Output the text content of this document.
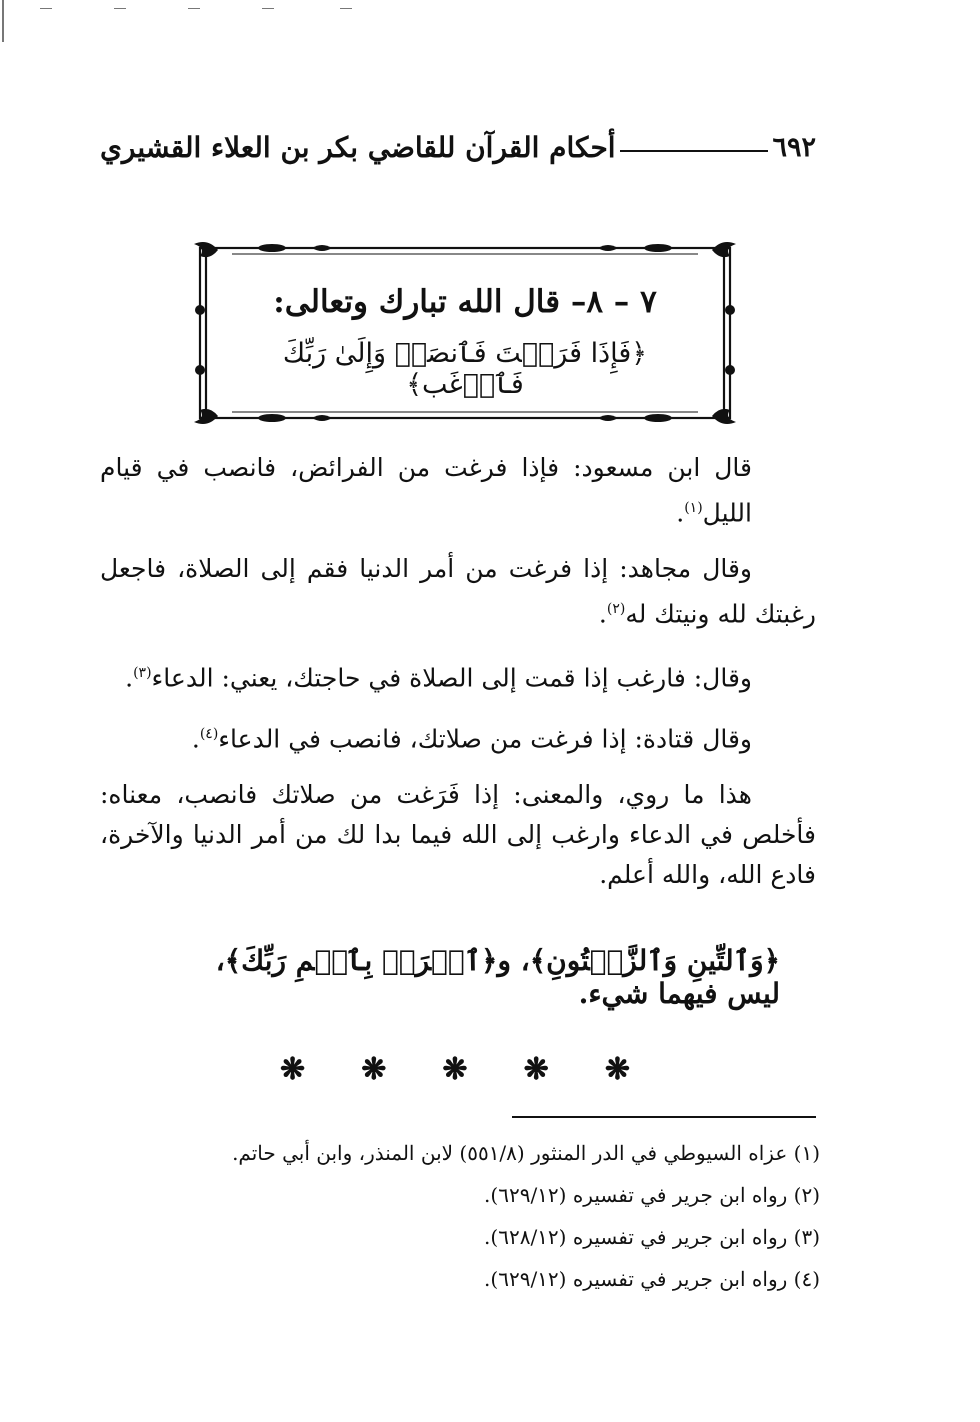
٦٩٢
أحكام القرآن للقاضي بكر بن العلاء القشيري
٧ – ٨– قال الله تبارك وتعالى:
﴿فَإِذَا فَرَغۡتَ فَٱنصَبۡ وَإِلَىٰ رَبِّكَ فَٱرۡغَب﴾

قال ابن مسعود: فإذا فرغت من الفرائض، فانصب في قيام الليل$^{(١)}$.

وقال مجاهد: إذا فرغت من أمر الدنيا فقم إلى الصلاة، فاجعل رغبتك لله ونيتك له$^{(٢)}$.

وقال: فارغب إذا قمت إلى الصلاة في حاجتك، يعني: الدعاء$^{(٣)}$.

وقال قتادة: إذا فرغت من صلاتك، فانصب في الدعاء$^{(٤)}$.

هذا ما روي، والمعنى: إذا فَرَغت من صلاتك فانصب، معناه: فأخلص في الدعاء وارغب إلى الله فيما بدا لك من أمر الدنيا والآخرة، فادع الله، والله أعلم.

﴿وَٱلتِّينِ وَٱلزَّيۡتُونِ﴾، و﴿ٱقۡرَأۡ بِٱسۡمِ رَبِّكَ﴾، ليس فيهما شيء.
❋ ❋ ❋ ❋ ❋
(١) عزاه السيوطي في الدر المنثور (٥٥١/٨) لابن المنذر، وابن أبي حاتم.
(٢) رواه ابن جرير في تفسيره (٦٢٩/١٢).
(٣) رواه ابن جرير في تفسيره (٦٢٨/١٢).
(٤) رواه ابن جرير في تفسيره (٦٢٩/١٢).
